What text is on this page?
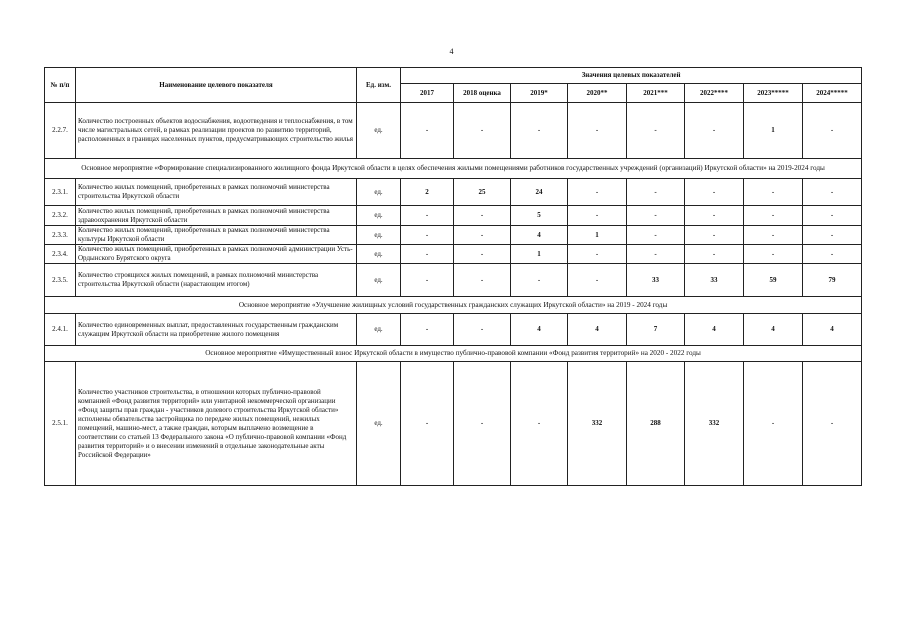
4
№ п/п	Наименование целевого показателя	Ед. изм.	Значения целевых показателей							
			2017	2018 оценка	2019*	2020**	2021***	2022****	2023*****	2024*****
2.2.7.	Количество построенных объектов водоснабжения, водоотведения и теплоснабжения, в том числе магистральных сетей, в рамках реализации проектов по развитию территорий, расположенных в границах населенных пунктов, предусматривающих строительство жилья	ед.	-	-	-	-	-	-	1	-
Основное мероприятие «Формирование специализированного жилищного фонда Иркутской области в целях обеспечения жилыми помещениями работников государственных учреждений (организаций) Иркутской области» на 2019-2024 годы										
2.3.1.	Количество жилых помещений, приобретенных в рамках полномочий министерства строительства Иркутской области	ед.	2	25	24	-	-	-	-	-
2.3.2.	Количество жилых помещений, приобретенных в рамках полномочий министерства здравоохранения Иркутской области	ед.	-	-	5	-	-	-	-	-
2.3.3.	Количество жилых помещений, приобретенных в рамках полномочий министерства культуры Иркутской области	ед.	-	-	4	1	-	-	-	-
2.3.4.	Количество жилых помещений, приобретенных в рамках полномочий администрации Усть-Ордынского Бурятского округа	ед.	-	-	1	-	-	-	-	-
2.3.5.	Количество строящихся жилых помещений, в рамках полномочий министерства строительства Иркутской области (нарастающим итогом)	ед.	-	-	-	-	33	33	59	79
Основное мероприятие «Улучшение жилищных условий государственных гражданских служащих Иркутской области» на 2019 - 2024 годы										
2.4.1.	Количество единовременных выплат, предоставленных государственным гражданским служащим Иркутской области на приобретение жилого помещения	ед.	-	-	4	4	7	4	4	4
Основное мероприятие «Имущественный взнос Иркутской области в имущество публично-правовой компании «Фонд развития территорий» на 2020 - 2022 годы										
2.5.1.	Количество участников строительства, в отношении которых публично-правовой компанией «Фонд развития территорий» или унитарной некоммерческой организации «Фонд защиты прав граждан - участников долевого строительства Иркутской области» исполнены обязательства застройщика по передаче жилых помещений, нежилых помещений, машино-мест, а также граждан, которым выплачено возмещение в соответствии со статьей 13 Федерального закона «О публично-правовой компании «Фонд развития территорий» и о внесении изменений в отдельные законодательные акты Российской Федерации»	ед.	-	-	-	332	288	332	-	-
